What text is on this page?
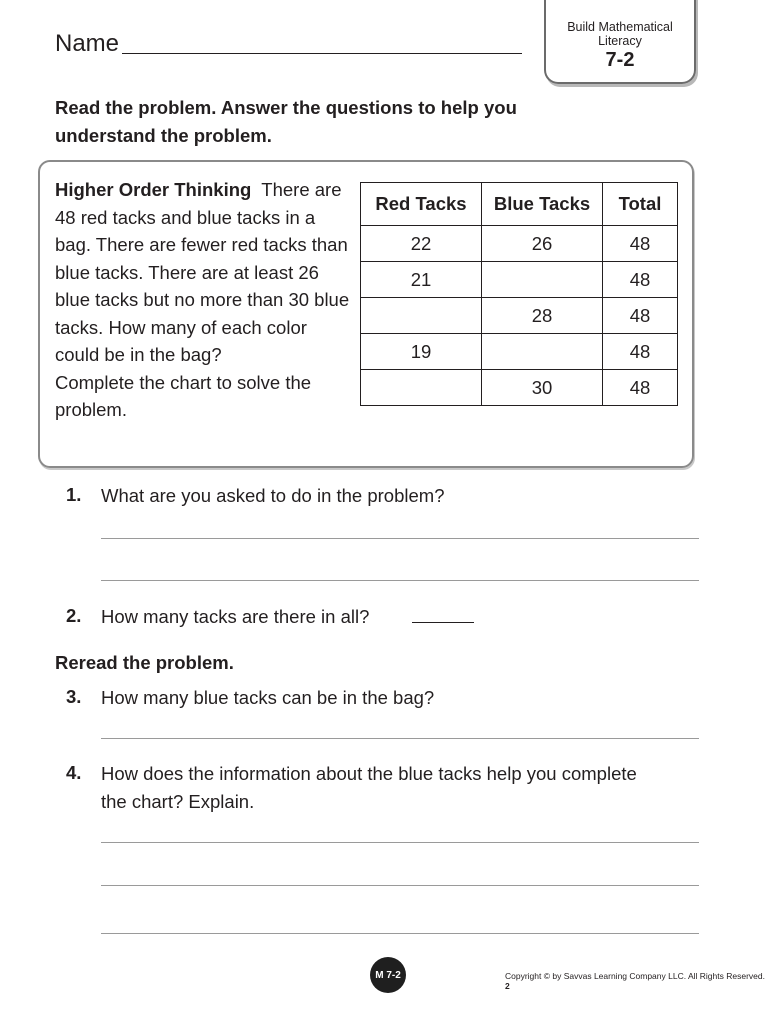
Name
Build Mathematical
Literacy
7-2
Read the problem. Answer the questions to help you understand the problem.
Higher Order Thinking There are 48 red tacks and blue tacks in a bag. There are fewer red tacks than blue tacks. There are at least 26 blue tacks but no more than 30 blue tacks. How many of each color could be in the bag?
Complete the chart to solve the problem.
Red Tacks	Blue Tacks	Total
22	26	48
21		48
	28	48
19		48
	30	48
1. What are you asked to do in the problem?
2. How many tacks are there in all?
Reread the problem.
3. How many blue tacks can be in the bag?
4. How does the information about the blue tacks help you complete the chart? Explain.
M 7-2	Copyright © by Savvas Learning Company LLC. All Rights Reserved.  2
